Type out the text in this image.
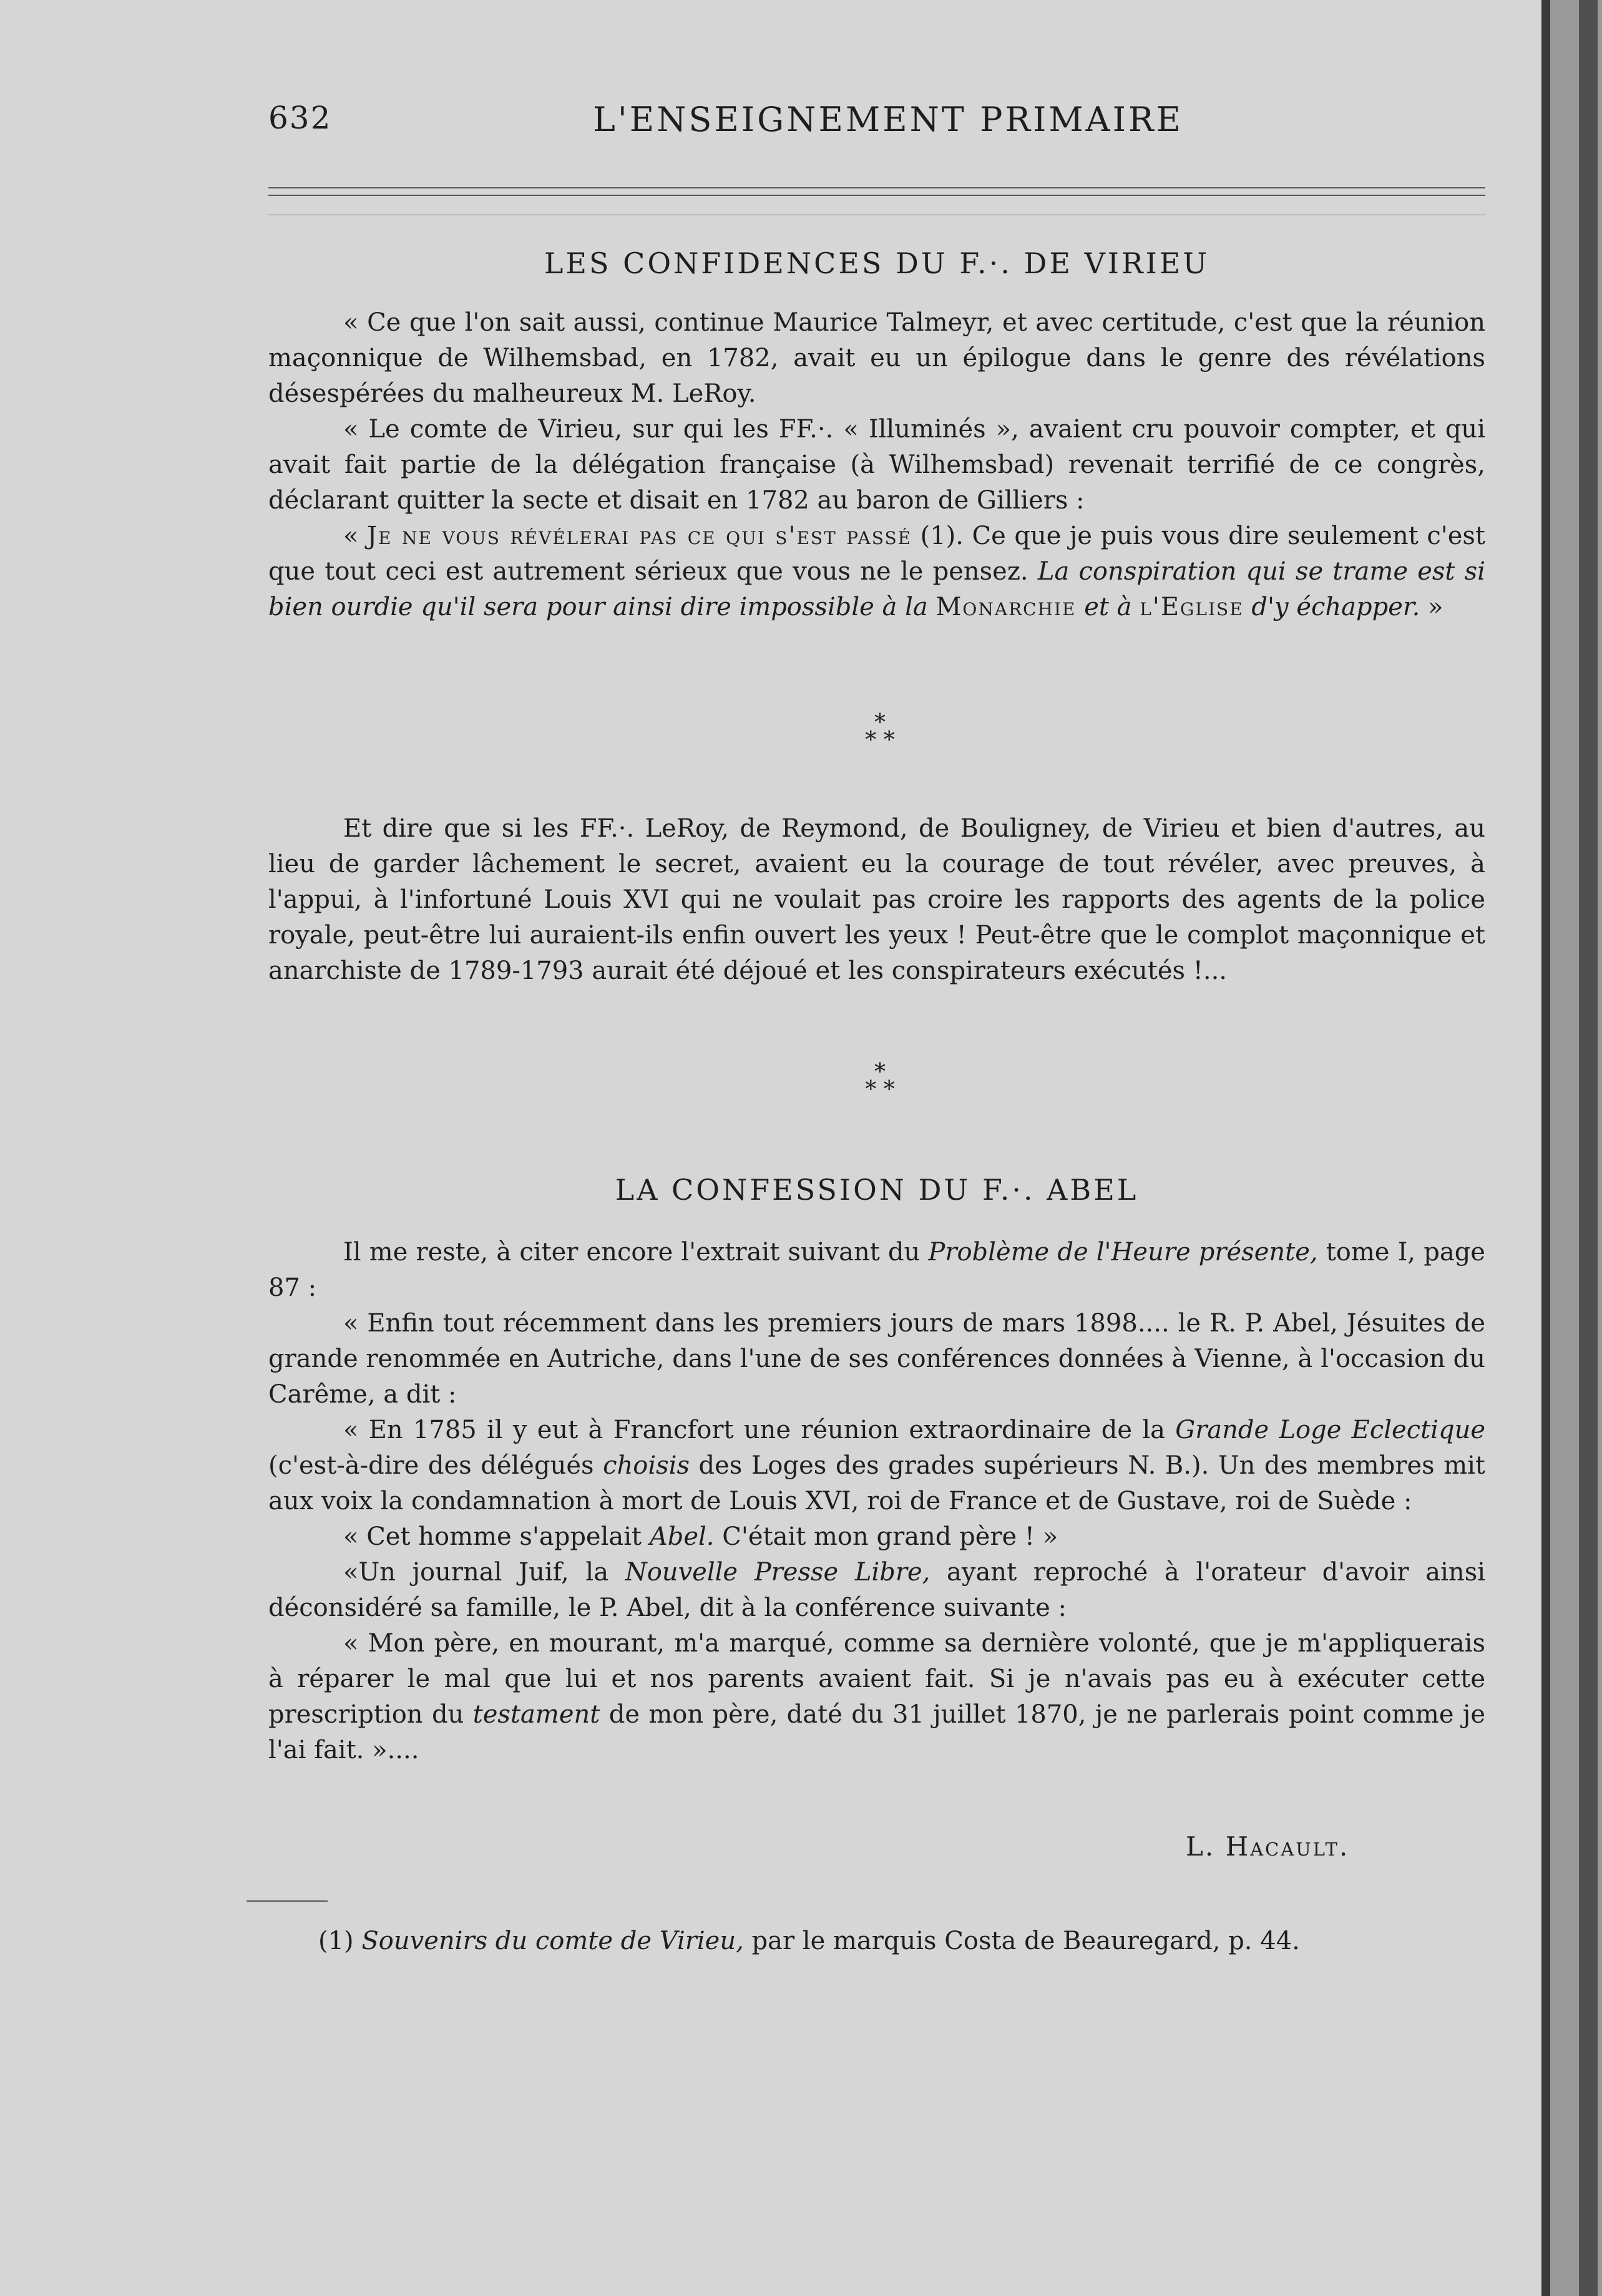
632	L'ENSEIGNEMENT PRIMAIRE
LES CONFIDENCES DU F.·. DE VIRIEU

« Ce que l'on sait aussi, continue Maurice Talmeyr, et avec certitude, c'est que la réunion maçonnique de Wilhemsbad, en 1782, avait eu un épilogue dans le genre des révélations désespérées du malheureux M. LeRoy.

« Le comte de Virieu, sur qui les FF.·. « Illuminés », avaient cru pouvoir compter, et qui avait fait partie de la délégation française (à Wilhemsbad) revenait terrifié de ce congrès, déclarant quitter la secte et disait en 1782 au baron de Gilliers :

« Je ne vous révélerai pas ce qui s'est passé (1). Ce que je puis vous dire seulement c'est que tout ceci est autrement sérieux que vous ne le pensez. La conspiration qui se trame est si bien ourdie qu'il sera pour ainsi dire impossible à la Monarchie et à l'Eglise d'y échapper. »

*
* *

Et dire que si les FF.·. LeRoy, de Reymond, de Bouligney, de Virieu et bien d'autres, au lieu de garder lâchement le secret, avaient eu la courage de tout révéler, avec preuves, à l'appui, à l'infortuné Louis XVI qui ne voulait pas croire les rapports des agents de la police royale, peut-être lui auraient-ils enfin ouvert les yeux ! Peut-être que le complot maçonnique et anarchiste de 1789-1793 aurait été déjoué et les conspirateurs exécutés !...

*
* *
LA CONFESSION DU F.·. ABEL

Il me reste, à citer encore l'extrait suivant du Problème de l'Heure présente, tome I, page 87 :

« Enfin tout récemment dans les premiers jours de mars 1898.... le R. P. Abel, Jésuites de grande renommée en Autriche, dans l'une de ses conférences données à Vienne, à l'occasion du Carême, a dit :

« En 1785 il y eut à Francfort une réunion extraordinaire de la Grande Loge Eclectique (c'est-à-dire des délégués choisis des Loges des grades supérieurs N. B.). Un des membres mit aux voix la condamnation à mort de Louis XVI, roi de France et de Gustave, roi de Suède :

« Cet homme s'appelait Abel. C'était mon grand père ! »

«Un journal Juif, la Nouvelle Presse Libre, ayant reproché à l'orateur d'avoir ainsi déconsidéré sa famille, le P. Abel, dit à la conférence suivante :

« Mon père, en mourant, m'a marqué, comme sa dernière volonté, que je m'appliquerais à réparer le mal que lui et nos parents avaient fait. Si je n'avais pas eu à exécuter cette prescription du testament de mon père, daté du 31 juillet 1870, je ne parlerais point comme je l'ai fait. »....

L. Hacault.
(1) Souvenirs du comte de Virieu, par le marquis Costa de Beauregard, p. 44.
